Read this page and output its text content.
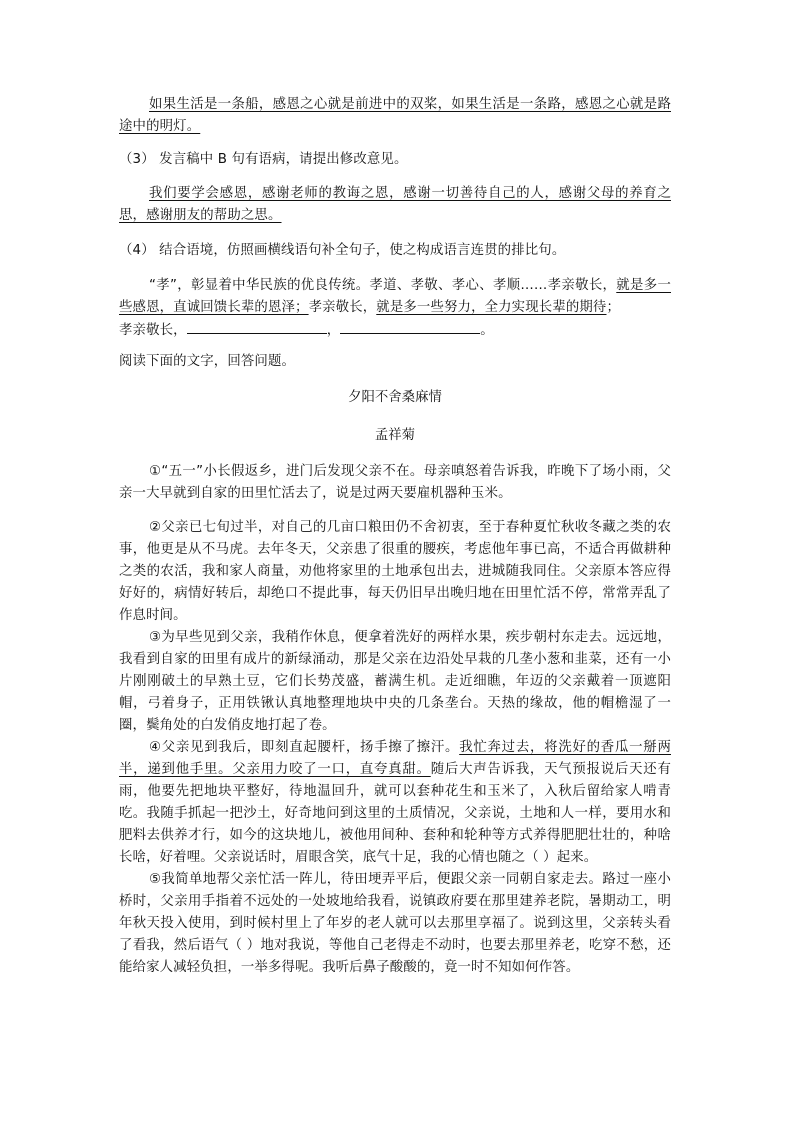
如果生活是一条船，感恩之心就是前进中的双桨，如果生活是一条路，感恩之心就是路途中的明灯。

（3） 发言稿中 B 句有语病，请提出修改意见。

我们要学会感恩，感谢老师的教诲之恩，感谢一切善待自己的人，感谢父母的养育之思，感谢朋友的帮助之思。

（4） 结合语境，仿照画横线语句补全句子，使之构成语言连贯的排比句。

“孝”，彰显着中华民族的优良传统。孝道、孝敬、孝心、孝顺……孝亲敬长，就是多一些感恩，直诚回馈长辈的恩泽；孝亲敬长，就是多一些努力，全力实现长辈的期待；
孝亲敬长，	，	。

阅读下面的文字，回答问题。

夕阳不舍桑麻情

孟祥菊

①“五一”小长假返乡，进门后发现父亲不在。母亲嗔怒着告诉我，昨晚下了场小雨，父亲一大早就到自家的田里忙活去了，说是过两天要雇机器种玉米。

②父亲已七旬过半，对自己的几亩口粮田仍不舍初衷，至于春种夏忙秋收冬藏之类的农事，他更是从不马虎。去年冬天，父亲患了很重的腰疾，考虑他年事已高，不适合再做耕种之类的农活，我和家人商量，劝他将家里的土地承包出去，进城随我同住。父亲原本答应得好好的，病情好转后，却绝口不提此事，每天仍旧早出晚归地在田里忙活不停，常常弄乱了作息时间。

③为早些见到父亲，我稍作休息，便拿着洗好的两样水果，疾步朝村东走去。远远地，我看到自家的田里有成片的新绿涌动，那是父亲在边沿处早栽的几垄小葱和韭菜，还有一小片刚刚破土的早熟土豆，它们长势茂盛，蓄满生机。走近细瞧，年迈的父亲戴着一顶遮阳帽，弓着身子，正用铁锹认真地整理地块中央的几条垄台。天热的缘故，他的帽檐湿了一圈，鬓角处的白发俏皮地打起了卷。

④父亲见到我后，即刻直起腰杆，扬手擦了擦汗。我忙奔过去，将洗好的香瓜一掰两半，递到他手里。父亲用力咬了一口，直夸真甜。随后大声告诉我，天气预报说后天还有雨，他要先把地块平整好，待地温回升，就可以套种花生和玉米了，入秋后留给家人啃青吃。我随手抓起一把沙土，好奇地问到这里的土质情况，父亲说，土地和人一样，要用水和肥料去供养才行，如今的这块地儿，被他用间种、套种和轮种等方式养得肥肥壮壮的，种啥长啥，好着哩。父亲说话时，眉眼含笑，底气十足，我的心情也随之（ ）起来。

⑤我简单地帮父亲忙活一阵儿，待田埂弄平后，便跟父亲一同朝自家走去。路过一座小桥时，父亲用手指着不远处的一处坡地给我看，说镇政府要在那里建养老院，暑期动工，明年秋天投入使用，到时候村里上了年岁的老人就可以去那里享福了。说到这里，父亲转头看了看我，然后语气（ ）地对我说，等他自己老得走不动时，也要去那里养老，吃穿不愁，还能给家人减轻负担，一举多得呢。我听后鼻子酸酸的，竟一时不知如何作答。
